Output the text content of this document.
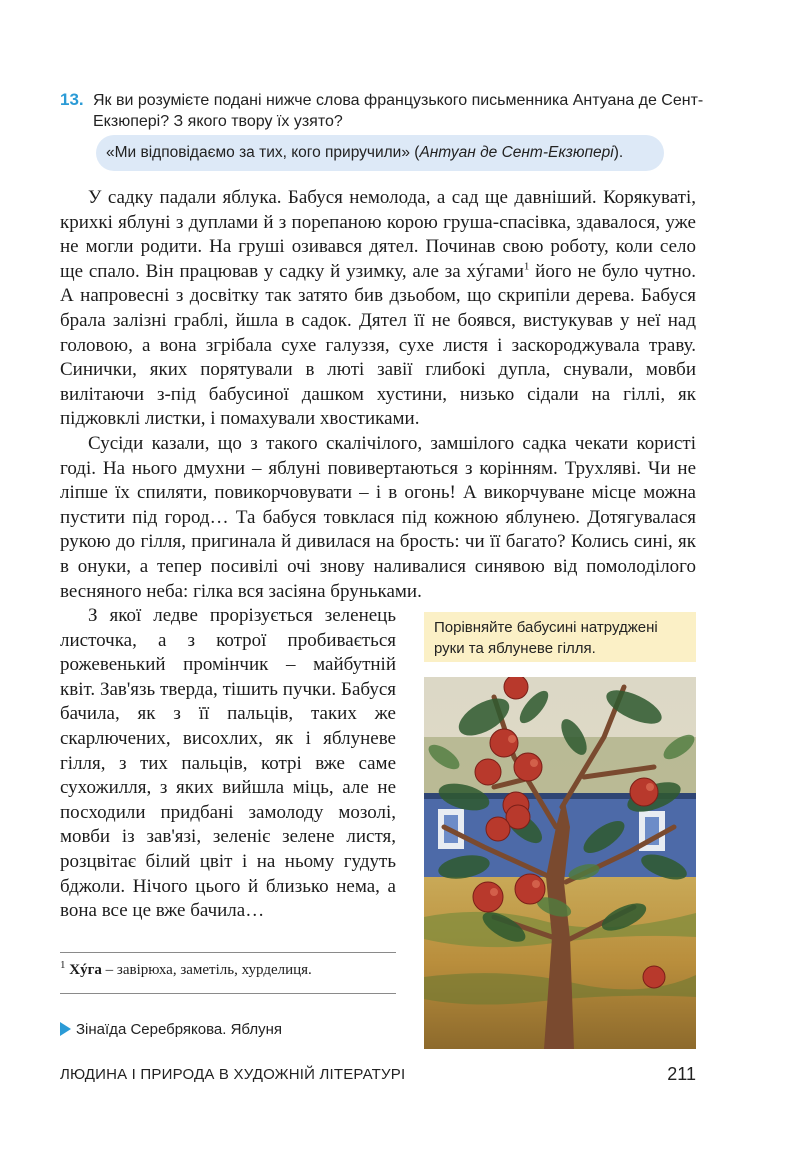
13. Як ви розумієте подані нижче слова французького письменника Антуана де Сент-Екзюпері? З якого твору їх узято?
«Ми відповідаємо за тих, кого приручили» (Антуан де Сент-Екзюпері).

У садку падали яблука. Бабуся немолода, а сад ще давніший. Корякуваті, крихкі яблуні з дуплами й з порепаною корою груша-спасівка, здавалося, уже не могли родити. На груші озивався дятел. Починав свою роботу, коли село ще спало. Він працював у садку й узимку, але за хýгами$^1$ його не було чутно. А напровесні з досвітку так затято бив дзьобом, що скрипіли дерева. Бабуся брала залізні граблі, йшла в садок. Дятел її не боявся, вистукував у неї над головою, а вона згрібала сухе галуззя, сухе листя і заскороджувала траву. Синички, яких порятували в люті завії глибокі дупла, снували, мовби вилітаючи з-під бабусиної дашком хустини, низько сідали на гіллі, як піджовклі листки, і помахували хвостиками.

Сусіди казали, що з такого скалічілого, замшілого садка чекати користі годі. На нього дмухни – яблуні повивертаються з корінням. Трухляві. Чи не ліпше їх спиляти, повикорчовувати – і в огонь! А викорчуване місце можна пустити під город… Та бабуся товклася під кожною яблунею. Дотягувалася рукою до гілля, пригинала й дивилася на брость: чи її багато? Колись сині, як в онуки, а тепер посивілі очі знову наливалися синявою від помолоділого весняного неба: гілка вся засіяна бруньками.

З якої ледве прорізується зеленець листочка, а з котрої пробивається рожевенький промінчик – майбутній квіт. Зав'язь тверда, тішить пучки. Бабуся бачила, як з її пальців, таких же скарлючених, висохлих, як і яблуневе гілля, з тих пальців, котрі вже саме сухожилля, з яких вийшла міць, але не посходили придбані замолоду мозолі, мовби із зав'язі, зеленіє зелене листя, розцвітає білий цвіт і на ньому гудуть бджоли. Нічого цього й близько нема, а вона все це вже бачила…

Порівняйте бабусині натруджені руки та яблуневе гілля.
$^1$ Хýга – завірюха, заметіль, хурделиця.
Зінаїда Серебрякова. Яблуня
ЛЮДИНА І ПРИРОДА В ХУДОЖНІЙ ЛІТЕРАТУРІ	211
